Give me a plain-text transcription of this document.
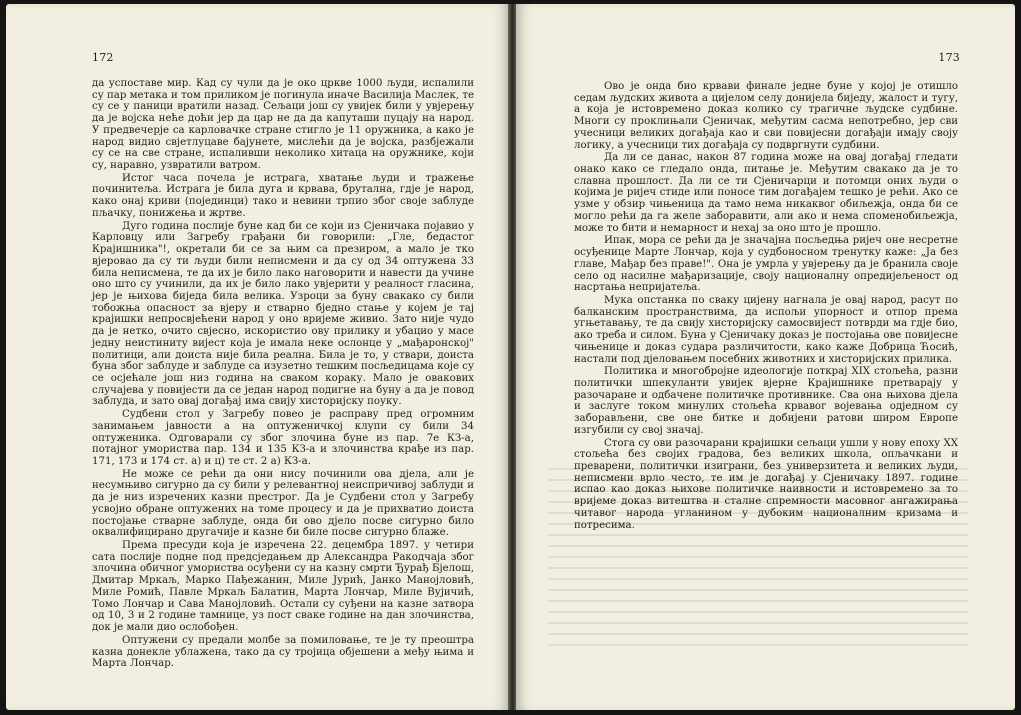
172

да успоставе мир. Кад су чули да је око цркве 1000 људи, испалили су пар метака и том приликом је погинула иначе Василија Маслек, те су се у паници вратили назад. Сељаци још су увијек били у увјерењу да је војска неће доћи јер да цар не да да капуташи пуцају на народ. У предвечерје са карловачке стране стигло је 11 оружника, а како је народ видио свјетлуцаве бајунете, мислећи да је војска, разбјежали су се на све стране, испаливши неколико хитаца на оружнике, који су, наравно, узвратили ватром.

Истог часа почела је истрага, хватање људи и тражење починитеља. Истрага је била дуга и крвава, брутална, гдје је народ, како онај криви (појединци) тако и невини трпио због своје заблуде пљачку, понижења и жртве.

Дуго година послије буне кад би се који из Сјеничака појавио у Карловцу или Загребу грађани би говорили: „Гле, бедастог Крајишника"!, окретали би се за њим са презиром, а мало је тко вјеровао да су ти људи били неписмени и да су од 34 оптужена 33 била неписмена, те да их је било лако наговорити и навести да учине оно што су учинили, да их је било лако увјерити у реалност гласина, јер је њихова биједа била велика. Узроци за буну свакако су били тобожња опасност за вјеру и стварно бједно стање у којем је тај крајишки непросвјећени народ у оно вријеме живио. Зато није чудо да је нетко, очито свјесно, искористио ову прилику и убацио у масе једну неистиниту вијест која је имала неке ослонце у „мађаронској" политици, али доиста није била реална. Била је то, у ствари, доиста буна због заблуде и заблуде са изузетно тешким посљедицама које су се осјећале још низ година на сваком кораку. Мало је овакових случајева у повијести да се један народ подигне на буну а да је повод заблуда, и зато овај догађај има свију хисторијску поуку.

Судбени стол у Загребу повео је расправу пред огромним занимањем јавности а на оптуженичкој клупи су били 34 оптуженика. Одговарали су због злочина буне из пар. 7е КЗ-а, потајног умориства пар. 134 и 135 КЗ-а и злочинства крађе из пар. 171, 173 и 174 ст. а) и ц) те ст. 2 а) КЗ-а.

Не може се рећи да они нису починили ова дјела, али је несумњиво сигурно да су били у релевантној неиспричивој заблуди и да је низ изречених казни престрог. Да је Судбени стол у Загребу усвојио обране оптужених на томе процесу и да је прихватио доиста постојање стварне заблуде, онда би ово дјело посве сигурно било оквалифицирано другачије и казне би биле посве сигурно блаже.

Према пресуди која је изречена 22. децембра 1897. у четири сата послије подне под предсједањем др Александра Ракодчаја због злочина обичног умориства осуђени су на казну смрти Ђурађ Бјелош, Дмитар Мркаљ, Марко Пађежанин, Миле Јурић, Јанко Манојловић, Миле Ромић, Павле Мркаљ Балатин, Марта Лончар, Миле Вујичић, Томо Лончар и Сава Манојловић. Остали су суђени на казне затвора од 10, 3 и 2 године тамнице, уз пост сваке године на дан злочинства, док је мали дио ослобођен.

Оптужени су предали молбе за помиловање, те је ту преоштра казна донекле ублажена, тако да су тројица објешени а међу њима и Марта Лончар.

173

Ово је онда био крвави финале једне буне у којој је отишло седам људских живота а цијелом селу донијела биједу, жалост и тугу, а која је истовремено доказ колико су трагичне људске судбине. Многи су проклињали Сјеничак, међутим сасма непотребно, јер сви учесници великих догађаја као и сви повијесни догађаји имају своју логику, а учесници тих догађаја су подвргнути судбини.

Да ли се данас, након 87 година може на овај догађај гледати онако како се гледало онда, питање је. Међутим свакако да је то славна прошлост. Да ли се ти Сјеничарци и потомци оних људи о којима је ријеч стиде или поносе тим догађајем тешко је рећи. Ако се узме у обзир чињеница да тамо нема никаквог обиљежја, онда би се могло рећи да га желе заборавити, али ако и нема споменобиљежја, може то бити и немарност и нехај за оно што је прошло.

Ипак, мора се рећи да је значајна посљедња ријеч оне несретне осуђенице Марте Лончар, која у судбоносном тренутку каже: „Ја без главе, Мађар без праве!". Она је умрла у увјерењу да је бранила своје село од насилне мађаризације, своју националну опредијељеност од насртања непријатеља.

Мука опстанка по сваку цијену нагнала је овај народ, расут по балканским пространствима, да испољи упорност и отпор према угњетавању, те да свију хисторијску самосвијест потврди ма гдје био, ако треба и силом. Буна у Сјеничаку доказ је постојања ове повијесне чињенице и доказ судара различитости, како каже Добрица Ћосић, настали под дјеловањем посебних животних и хисторијских прилика.

Политика и многобројне идеологије поткрај XIX стољећа, разни политички шпекуланти увијек вјерне Крајишнике претварају у разочаране и одбачене политичке противнике. Сва она њихова дјела и заслуге током минулих стољећа крвавог војевања одједном су заборављени, све оне битке и добијени ратови широм Европе изгубили су свој значај.

Стога су ови разочарани крајишки сељаци ушли у нову епоху XX стољећа без својих градова, без великих школа, опљачкани и преварени, политички изиграни, без универзитета и великих људи, неписмени врло често, те им је догађај у Сјеничаку 1897. године испао као доказ њихове политичке наивности и истовремено за то вријеме доказ витештва и сталне спремности масовног ангажирања читавог народа угланином у дубоким националним кризама и потресима.
